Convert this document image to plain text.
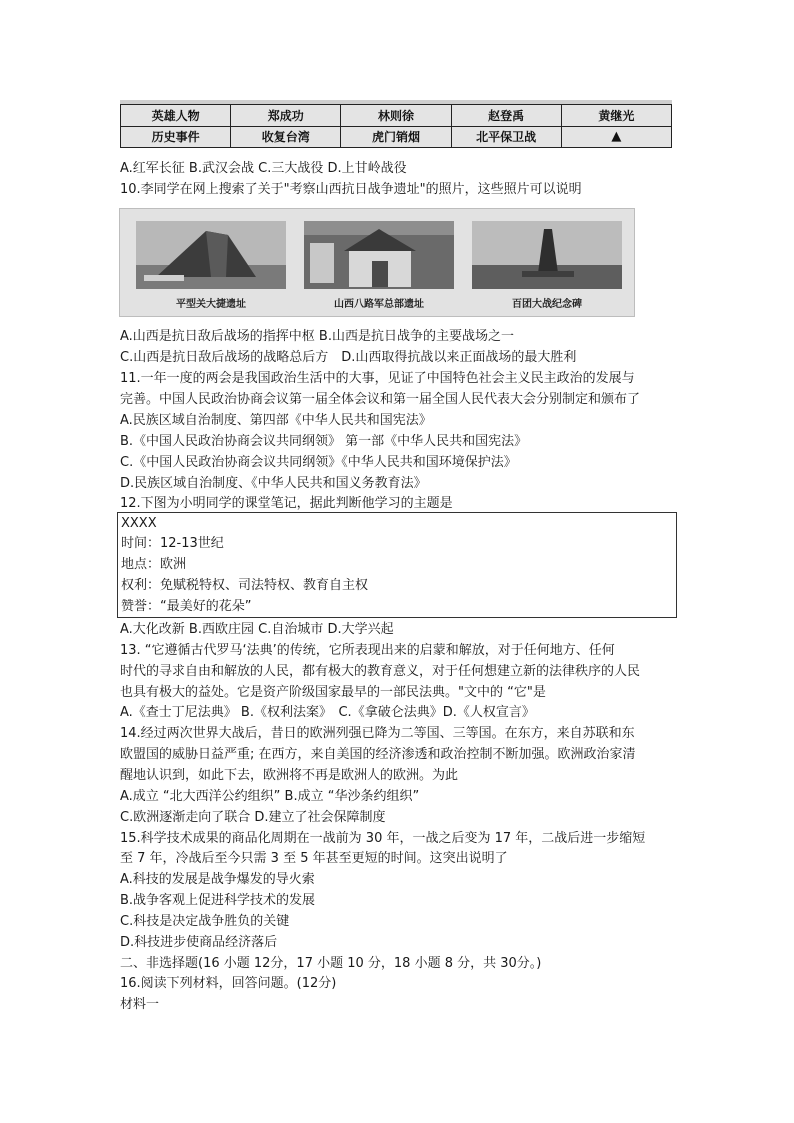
英雄人物	郑成功	林则徐	赵登禹	黄继光
历史事件	收复台湾	虎门销烟	北平保卫战	▲
A.红军长征 B.武汉会战 C.三大战役 D.上甘岭战役
10.李同学在网上搜索了关于"考察山西抗日战争遗址"的照片，这些照片可以说明
平型关大捷遗址	山西八路军总部遗址	百团大战纪念碑
A.山西是抗日敌后战场的指挥中枢 B.山西是抗日战争的主要战场之一
C.山西是抗日敌后战场的战略总后方　D.山西取得抗战以来正面战场的最大胜利
11.一年一度的两会是我国政治生活中的大事，见证了中国特色社会主义民主政治的发展与
完善。中国人民政治协商会议第一届全体会议和第一届全国人民代表大会分别制定和颁布了
A.民族区域自治制度、第四部《中华人民共和国宪法》
B.《中国人民政治协商会议共同纲领》 第一部《中华人民共和国宪法》
C.《中国人民政治协商会议共同纲领》《中华人民共和国环境保护法》
D.民族区域自治制度、《中华人民共和国义务教育法》
12.下图为小明同学的课堂笔记，据此判断他学习的主题是
XXXX
时间：12-13世纪
地点：欧洲
权利：免赋税特权、司法特权、教育自主权
赞誉：“最美好的花朵”
A.大化改新 B.西欧庄园 C.自治城市 D.大学兴起
13. “它遵循古代罗马‘法典’的传统，它所表现出来的启蒙和解放，对于任何地方、任何
时代的寻求自由和解放的人民，都有极大的教育意义，对于任何想建立新的法律秩序的人民
也具有极大的益处。它是资产阶级国家最早的一部民法典。"文中的 “它"是
A.《查士丁尼法典》 B.《权利法案》　C.《拿破仑法典》D.《人权宣言》
14.经过两次世界大战后，昔日的欧洲列强已降为二等国、三等国。在东方，来自苏联和东
欧盟国的威胁日益严重; 在西方，来自美国的经济渗透和政治控制不断加强。欧洲政治家清
醒地认识到，如此下去，欧洲将不再是欧洲人的欧洲。为此
A.成立 “北大西洋公约组织” B.成立 “华沙条约组织”
C.欧洲逐渐走向了联合 D.建立了社会保障制度
15.科学技术成果的商品化周期在一战前为 30 年，一战之后变为 17 年，二战后进一步缩短
至 7 年，冷战后至今只需 3 至 5 年甚至更短的时间。这突出说明了
A.科技的发展是战争爆发的导火索
B.战争客观上促进科学技术的发展
C.科技是决定战争胜负的关键
D.科技进步使商品经济落后
二、非选择题(16 小题 12分，17 小题 10 分，18 小题 8 分，共 30分。)
16.阅读下列材料，回答问题。(12分)
材料一
